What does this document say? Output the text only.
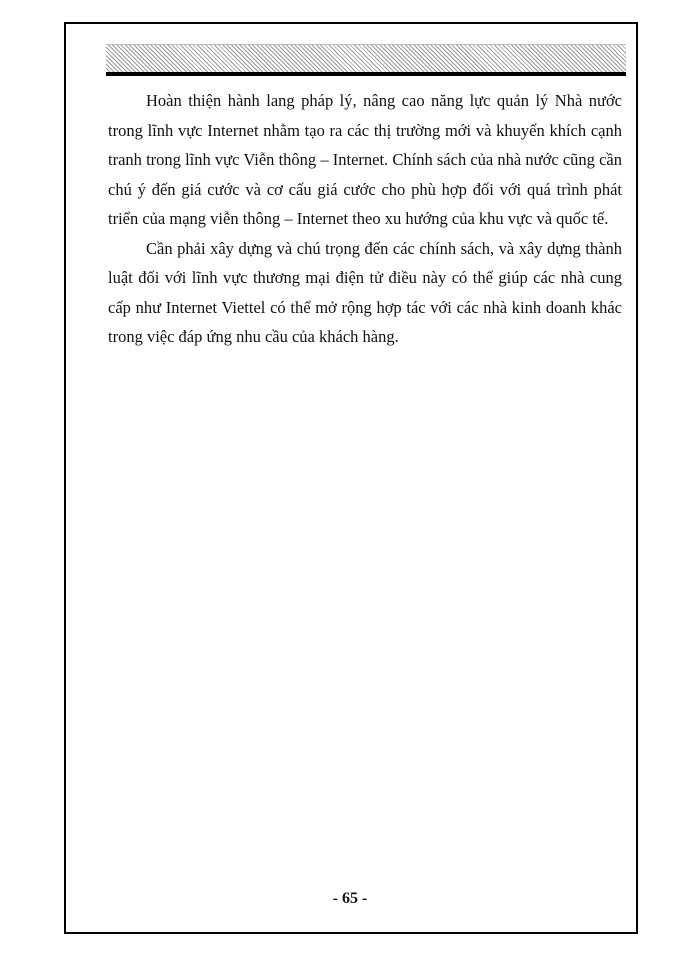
Hoàn thiện hành lang pháp lý, nâng cao năng lực quản lý Nhà nước trong lĩnh vực Internet nhằm tạo ra các thị trường mới và khuyến khích cạnh tranh trong lĩnh vực Viễn thông – Internet. Chính sách của nhà nước cũng cần chú ý đến giá cước và cơ cấu giá cước cho phù hợp đối với quá trình phát triển của mạng viễn thông – Internet theo xu hướng của khu vực và quốc tế.

Cần phải xây dựng và chú trọng đến các chính sách, và xây dựng thành luật đối với lĩnh vực thương mại điện tử điều này có thể giúp các nhà cung cấp như Internet Viettel có thể mở rộng hợp tác với các nhà kinh doanh khác trong việc đáp ứng nhu cầu của khách hàng.

- 65 -
